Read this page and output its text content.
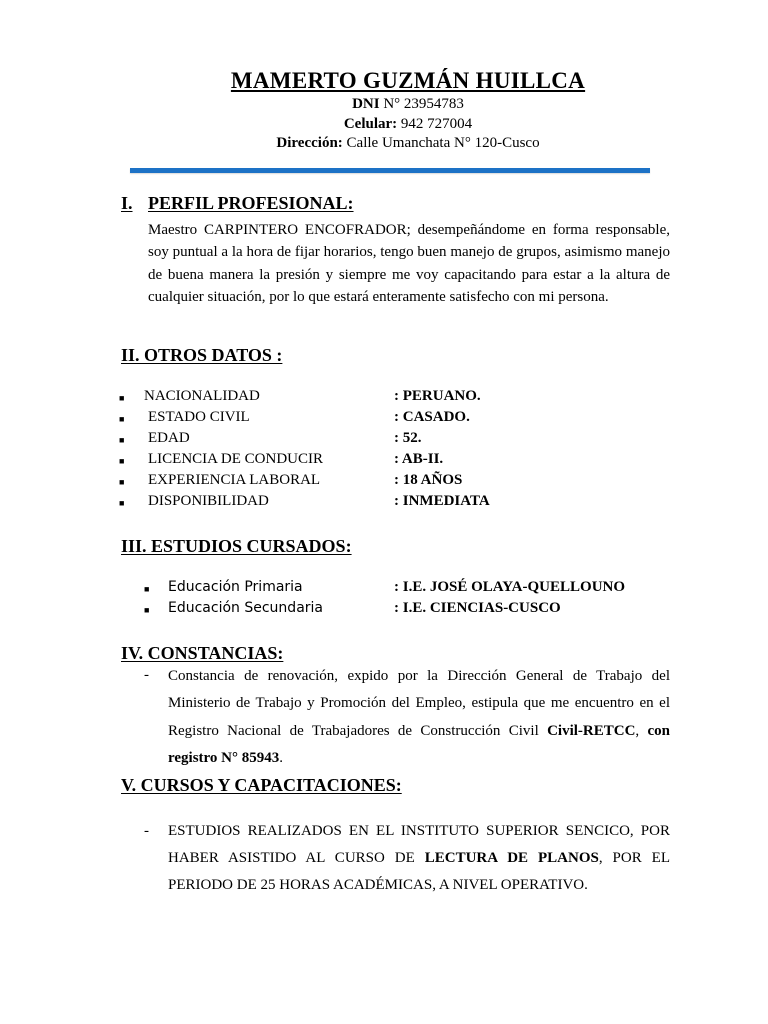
MAMERTO GUZMÁN HUILLCA
DNI N° 23954783
Celular: 942 727004
Dirección: Calle Umanchata N° 120-Cusco
I. PERFIL PROFESIONAL:
Maestro CARPINTERO ENCOFRADOR; desempeñándome en forma responsable, soy puntual a la hora de fijar horarios, tengo buen manejo de grupos, asimismo manejo de buena manera la presión y siempre me voy capacitando para estar a la altura de cualquier situación, por lo que estará enteramente satisfecho con mi persona.
II. OTROS DATOS :
■ NACIONALIDAD	: PERUANO.
■ ESTADO CIVIL	: CASADO.
■ EDAD	: 52.
■ LICENCIA DE CONDUCIR	: AB-II.
■ EXPERIENCIA LABORAL	: 18 AÑOS
■ DISPONIBILIDAD	: INMEDIATA
III. ESTUDIOS CURSADOS:
■ Educación Primaria	: I.E. JOSÉ OLAYA-QUELLOUNO
■ Educación Secundaria	: I.E. CIENCIAS-CUSCO
IV. CONSTANCIAS:
- Constancia de renovación, expido por la Dirección General de Trabajo del Ministerio de Trabajo y Promoción del Empleo, estipula que me encuentro en el Registro Nacional de Trabajadores de Construcción Civil Civil-RETCC, con registro N° 85943.
V. CURSOS Y CAPACITACIONES:
- ESTUDIOS REALIZADOS EN EL INSTITUTO SUPERIOR SENCICO, POR HABER ASISTIDO AL CURSO DE LECTURA DE PLANOS, POR EL PERIODO DE 25 HORAS ACADÉMICAS, A NIVEL OPERATIVO.
